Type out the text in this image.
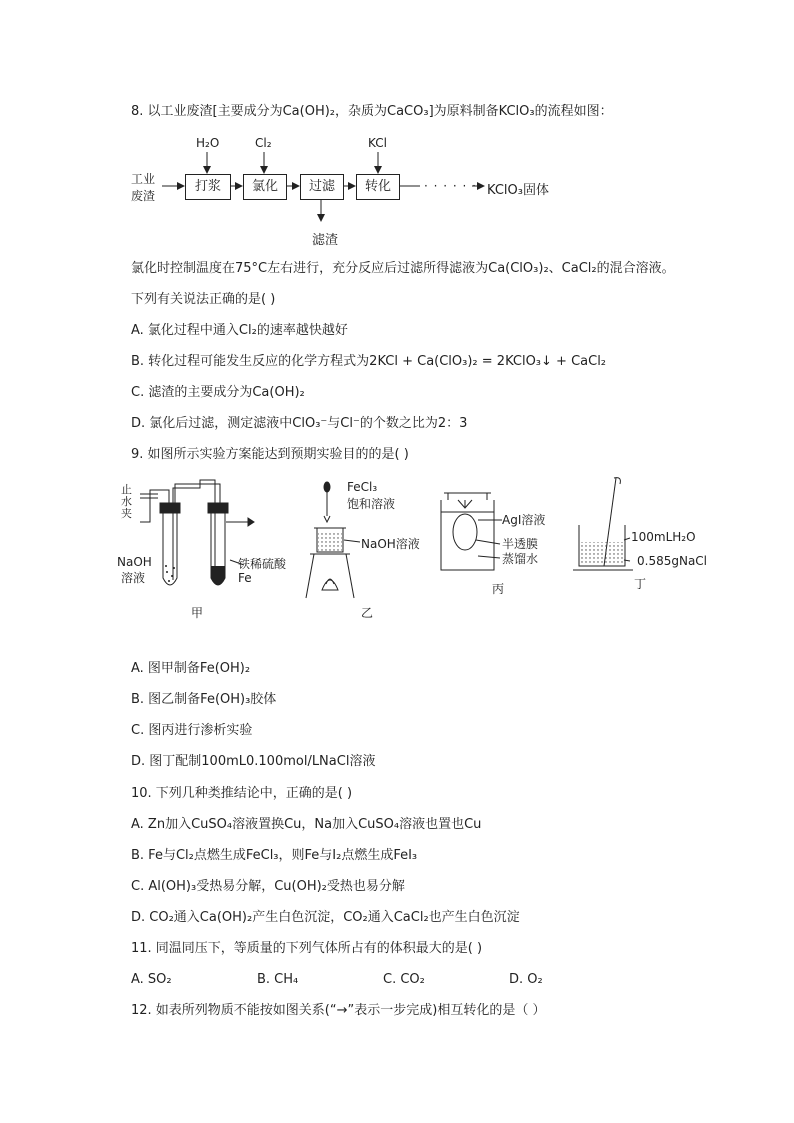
8. 以工业废渣[主要成分为Ca(OH)₂，杂质为CaCO₃]为原料制备KClO₃的流程如图：
工业
废渣
H₂O	Cl₂	KCl
打浆	氯化	过滤	转化	· · · · · · KClO₃固体
滤渣
氯化时控制温度在75°C左右进行，充分反应后过滤所得滤液为Ca(ClO₃)₂、CaCl₂的混合溶液。
下列有关说法正确的是( )
A. 氯化过程中通入Cl₂的速率越快越好
B. 转化过程可能发生反应的化学方程式为2KCl + Ca(ClO₃)₂ = 2KClO₃↓ + CaCl₂
C. 滤渣的主要成分为Ca(OH)₂
D. 氯化后过滤，测定滤液中ClO₃⁻与Cl⁻的个数之比为2：3
9. 如图所示实验方案能达到预期实验目的的是( )
止
水
夹
NaOH
溶液
铁 稀硫酸
Fe
甲
FeCl₃
饱和溶液
NaOH溶液
乙
AgI溶液
半透膜
蒸馏水
丙
100mLH₂O
0.585gNaCl
丁
A. 图甲制备Fe(OH)₂
B. 图乙制备Fe(OH)₃胶体
C. 图丙进行渗析实验
D. 图丁配制100mL0.100mol/LNaCl溶液
10. 下列几种类推结论中，正确的是( )
A. Zn加入CuSO₄溶液置换Cu，Na加入CuSO₄溶液也置也Cu
B. Fe与Cl₂点燃生成FeCl₃，则Fe与I₂点燃生成FeI₃
C. Al(OH)₃受热易分解，Cu(OH)₂受热也易分解
D. CO₂通入Ca(OH)₂产生白色沉淀，CO₂通入CaCl₂也产生白色沉淀
11. 同温同压下，等质量的下列气体所占有的体积最大的是( )
A. SO₂	B. CH₄	C. CO₂	D. O₂
12. 如表所列物质不能按如图关系(“→”表示一步完成)相互转化的是（ ）
